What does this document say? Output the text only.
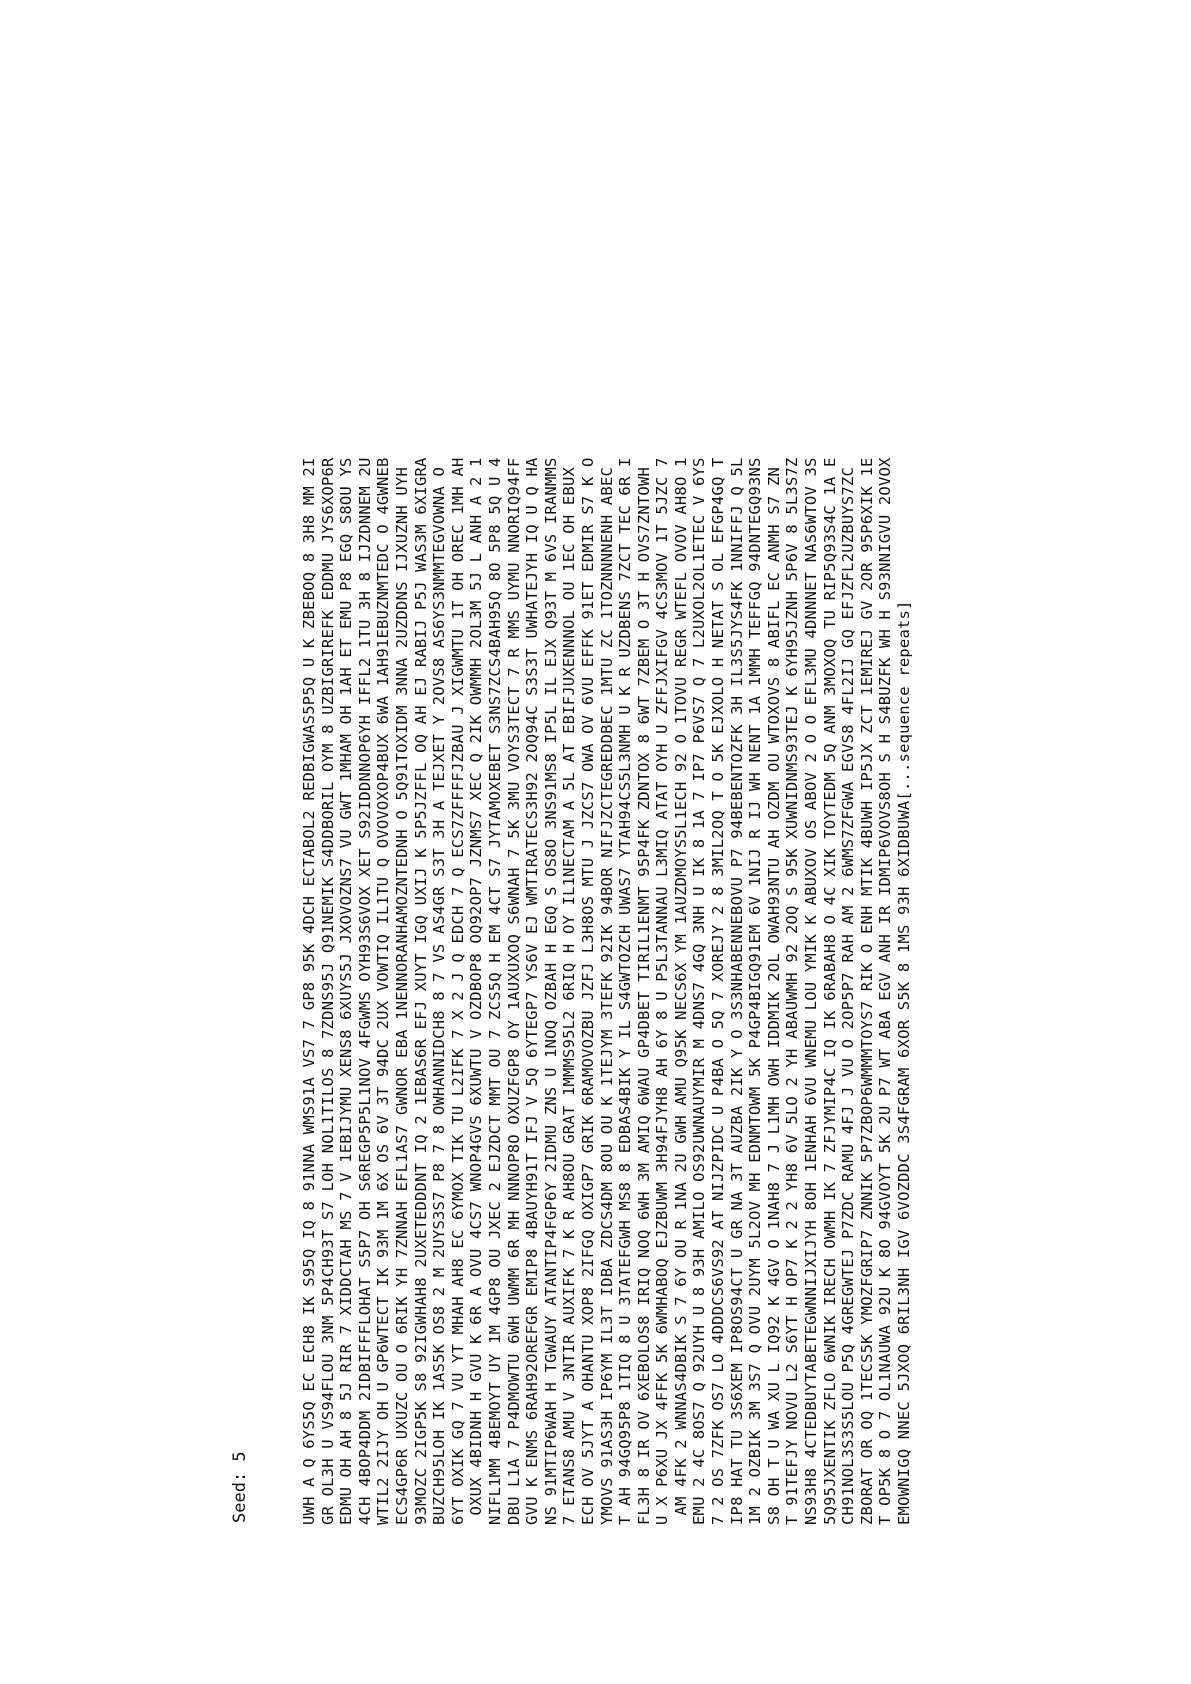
Seed: 5	UWH A Q 6YS5Q EC ECH8 IK S95Q IQ 8 91NNA WMS91A VS7 7 GP8 95K 4DCH ECTABOL2 REDBIGWAS5P5Q U K ZBEBOQ 8 3H8 MM 2I GR OL3H U VS94FLOU 3NM 5P4CH93T S7 LOH NOL1TILOS 8 7ZDNS95J Q91NEMIK S4DDBORIL OYM 8 UZBIGRIREFK EDDMU JYS6XOP6R EDMU OH AH 8 5J RIR 7 XIDDCTAH MS 7 V 1EBIJYMU XENS8 6XUYS5J JXOVOZNS7 VU GWT 1MHAM OH 1AH ET EMU P8 EGQ S8OU YS 4CH 4BOP4DDM 2IDBIFFFLOHAT S5P7 OH S6REGP5P5L1NOV 4FGWMS OYH93S6VOX XET S92IDDNNOP6YH IFFL2 1TU 3H 8 IJZDNNEM 2U WTIL2 2IJY OH U GP6WTECT IK 93M 1M 6X OS 6V 3T 94DC 2UX VOWTIQ IL1TU Q OVOVOXOP4BUX 6WA 1AH91EBUZNMTEDC O 4GWNEB ECS4GP6R UXUZC OU O 6RIK YH 7ZNNAH EFL1AS7 GWNOR EBA 1NENNORANHAMOZNTEDNH O 5Q91TOXIDM 3NNA 2UZDDNS IJXUZNH UYH 93MOZC 2IGP5K S8 92IGWHAH8 2UXETEDDDNT IQ 2 1EBAS6R EFJ XUYT IGQ UXIJ K 5P5JZFFL OQ AH EJ RABIJ P5J WAS3M 6XIGRA BUZCH95LOH IK 1AS5K OS8 2 M 2UYS3S7 P8 7 8 OWHANNIDCH8 8 7 VS AS4GR S3T 3H A TEJXET Y 2OVS8 AS6YS3NMMTEGVOWNA O 6YT OXIK GQ 7 VU YT MHAH AH8 EC 6YMOX TIK TU L2IFK 7 X 2 J Q EDCH 7 Q ECS7ZFFFFJZBAU J XIGWMTU 1T OH OREC 1MH AH OXUX 4BIDNH H GVU K 6R A OVU 4CS7 WNOP4GVS 6XUWTU V OZDBOP8 OQ92OP7 JZNMS7 XEC Q 2IK OWMMH 2OL3M 5J L ANH A 2 1 NIFL1MM 4BEMOYT UY 1M 4GP8 OU JXEC 2 EJZDCT MMT OU 7 ZCS5Q H EM 4CT S7 JYTAMOXEBET S3NS7ZCS4BAH95Q 8O 5P8 5Q U 4 DBU L1A 7 P4DMOWTU 6WH UWMM 6R MH NNNOP8O OXUZFGP8 OY 1AUXUXOQ S6WNAH 7 5K 3MU VOYS3TECT 7 R MMS UYMU NNORIQ94FF GVU K ENMS 6RAH92OREFGR EMIP8 4BAUYH91T IFJ V 5Q 6YTEGP7 YS6V EJ WMTIRATECS3H92 2OQ94C S3S3T UWHATEJYH IQ U Q HA NS 91MTIP6WAH H TGWAUY ATANTIP4FGP6Y 2IDMU ZNS U 1NOQ OZBAH H EGQ S OS8O 3NS91MS8 IP5L IL EJX Q93T M 6VS IRANMMS 7 ETANS8 AMU V 3NTIR AUXIFK 7 K R AH8OU GRAT 1MMMS95L2 6RIQ H OY IL1NECTAM A 5L AT EBIFJUXENNNOL OU 1EC OH EBUX ECH OV 5JYT A OHANTU XOP8 2IFGQ OXIGP7 GRIK 6RAMOVOZBU JZFJ L3H8OS MTU J JZCS7 OWA OV 6VU EFFK 91ET EDMIR S7 K O YMOVS 91AS3H IP6YM IL3T IDBA ZDCS4DM 8OU OU K 1TEJYM 3TEFK 92IK 94BOR NIFJZCTEGREDDBEC 1MTU ZC 1TOZNNNNENH ABEC T AH 94GQ95P8 1TIQ 8 U 3TATEFGWH MS8 8 EDBAS4BIK Y IL S4GWTOZCH UWAS7 YTAH94CS5L3NMH U K R UZDBENS 7ZCT TEC 6R I FL3H 8 IR OV 6XEBOLOS8 IRIQ NOQ 6WH 3M AMIQ 6WAU GP4DBET TIRIL1ENMT 95P4FK ZDNTOX 8 6WT 7ZBEM O 3T H OVS7ZNTOWH U X P6XU JX 4FFK 5K 6WMHABOQ EJZBUWM 3H94FJYH8 AH 6Y 8 U P5L3TANNAU L3MIQ ATAT OYH U ZFFJXIFGV 4CS3MOV 1T 5JZC 7 AM 4FK 2 WNNAS4DBIK S 7 6Y OU R 1NA 2U GWH AMU Q95K NECS6X YM 1AUZDMOYS5L1ECH 92 O 1TOVU REGR WTEFL OVOV AH8O 1 EMU 2 4C 8OS7 Q 92UYH U 8 93H AMILO OS92UWNAUYMIR M 4DNS7 4GQ 3NH U IK 8 1A 7 IP7 P6VS7 Q 7 L2UXOL2OL1ETEC V 6YS 7 2 OS 7ZFK OS7 LO 4DDDCS6VS92 AT NIJZPIDC U P4BA O 5Q 7 XOREJY 2 8 3MIL2OQ T O 5K EJXOLO H NETAT S OL EFGP4GQ T IP8 HAT TU 3S6XEM IP8OS94CT U GR NA 3T AUZBA 2IK Y O 3S3NHABENNEBOVU P7 94BEBENTOZFK 3H IL3S5JYS4FK 1NNIFFJ Q 5L 1M 2 OZBIK 3M 3S7 Q OVU 2UYM 5L2OV MH EDNMTOWM 5K P4GP4BIGQ91EM 6V 1NIJ R IJ WH NENT 1A 1MMH TEFFGQ 94DNTEGQ93NS S8 OH T U WA XU L IQ92 K 4GV O 1NAH8 7 J L1MH OWH IDDMIK 2OL OWAH93NTU AH OZDM OU WTOXOVS 8 ABIFL EC ANMH S7 ZN T 91TEFJY NOVU L2 S6YT H OP7 K 2 2 YH8 6V 5LO 2 YH ABAUWMH 92 2OQ S 95K XUWNIDNMS93TEJ K 6YH95JZNH 5P6V 8 5L3S7Z NS93H8 4CTEDBUYTABETEGWNNIJXIJYH 8OH 1ENHAH 6VU WNEMU LOU YMIK K ABUXOV OS ABOV 2 O O EFL3MU 4DNNNET NAS6WTOV 3S 5Q95JXENTIK ZFLO 6WNIK IRECH OWMH IK 7 ZFJYMIP4C IQ IK 6RABAH8 O 4C XIK TOYTEDM 5Q ANM 3MOXOQ TU RIP5Q93S4C 1A E CH91NOL3S3S5LOU P5Q 4GREGWTEJ P7ZDC RAMU 4FJ J VU O 2OP5P7 RAH AM 2 6WMS7ZFGWA EGVS8 4FL2IJ GQ EFJZFL2UZBUYS7ZC ZBORAT OR OQ 1TECS5K YMOZFGRIP7 ZNNIK 5P7ZBOP6WMMMTOYS7 RIK O ENH MTIK 4BUWH IP5JX ZCT 1EMIREJ GV 2OR 95P6XIK 1E T OP5K 8 O 7 OL1NAUWA 92U K 8O 94GVOYT 5K 2U P7 WT ABA EGV ANH IR IDMIP6VOVS8OH S H S4BUZFK WH H S93NNIGVU 2OVOX EMOWNIGQ NNEC 5JXOQ 6RIL3NH IGV 6VOZDDC 3S4FGRAM 6XOR S5K 8 1MS 93H 6XIDBUWA[...sequence repeats]
